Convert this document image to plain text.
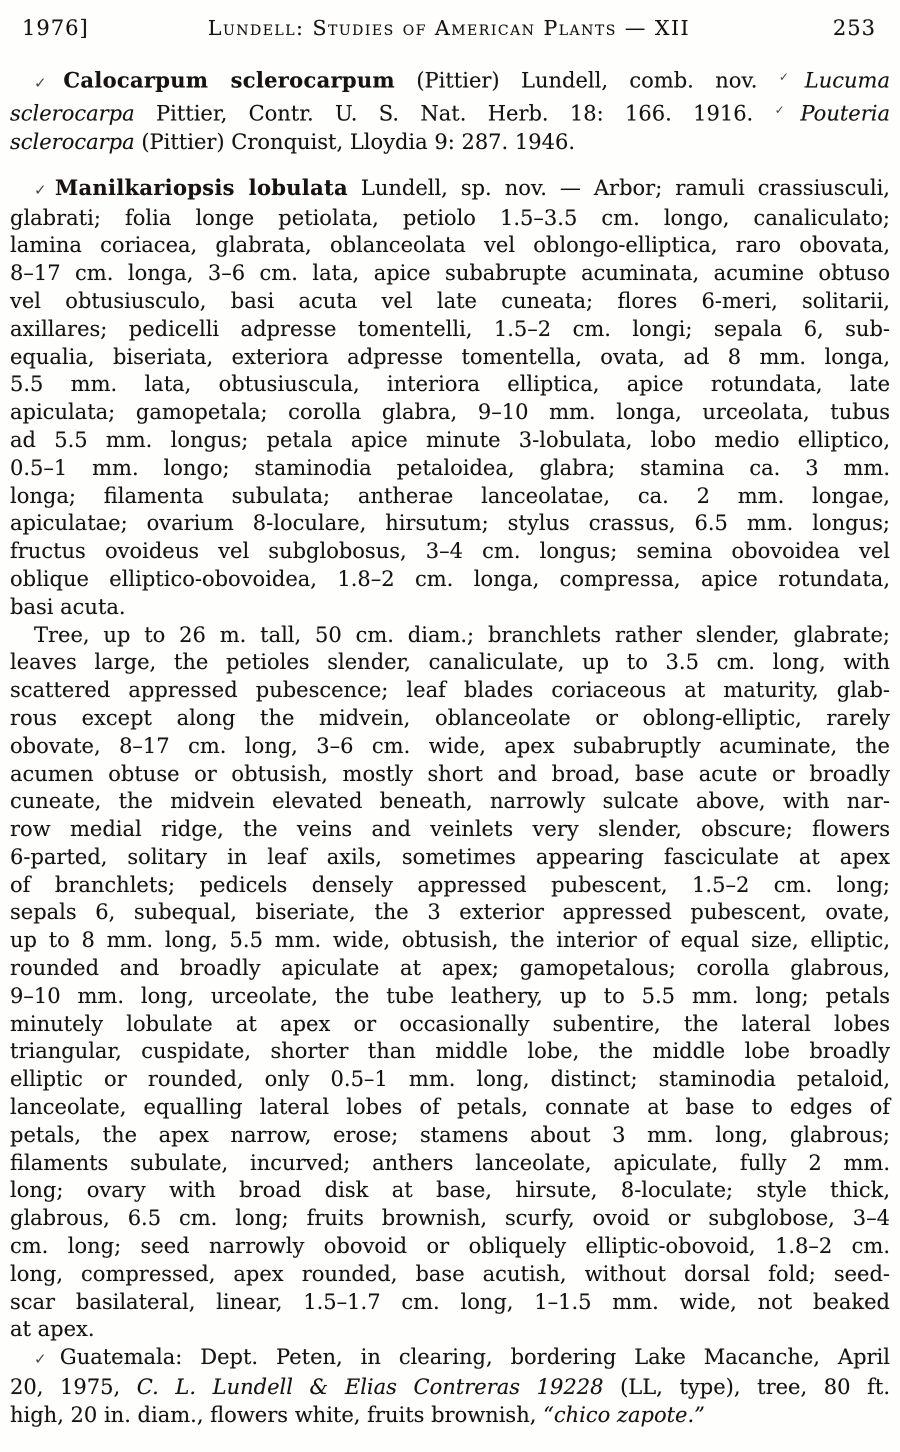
1976]	Lundell: Studies of American Plants — XII	253
✓Calocarpum sclerocarpum (Pittier) Lundell, comb. nov. ✓Lucuma
sclerocarpa Pittier, Contr. U. S. Nat. Herb. 18: 166. 1916. ✓Pouteria
sclerocarpa (Pittier) Cronquist, Lloydia 9: 287. 1946.
✓Manilkariopsis lobulata Lundell, sp. nov. — Arbor; ramuli crassiusculi,
glabrati; folia longe petiolata, petiolo 1.5–3.5 cm. longo, canaliculato;
lamina coriacea, glabrata, oblanceolata vel oblongo-elliptica, raro obovata,
8–17 cm. longa, 3–6 cm. lata, apice subabrupte acuminata, acumine obtuso
vel obtusiusculo, basi acuta vel late cuneata; flores 6-meri, solitarii,
axillares; pedicelli adpresse tomentelli, 1.5–2 cm. longi; sepala 6, sub-
equalia, biseriata, exteriora adpresse tomentella, ovata, ad 8 mm. longa,
5.5 mm. lata, obtusiuscula, interiora elliptica, apice rotundata, late
apiculata; gamopetala; corolla glabra, 9–10 mm. longa, urceolata, tubus
ad 5.5 mm. longus; petala apice minute 3-lobulata, lobo medio elliptico,
0.5–1 mm. longo; staminodia petaloidea, glabra; stamina ca. 3 mm.
longa; filamenta subulata; antherae lanceolatae, ca. 2 mm. longae,
apiculatae; ovarium 8-loculare, hirsutum; stylus crassus, 6.5 mm. longus;
fructus ovoideus vel subglobosus, 3–4 cm. longus; semina obovoidea vel
oblique elliptico-obovoidea, 1.8–2 cm. longa, compressa, apice rotundata,
basi acuta.
Tree, up to 26 m. tall, 50 cm. diam.; branchlets rather slender, glabrate;
leaves large, the petioles slender, canaliculate, up to 3.5 cm. long, with
scattered appressed pubescence; leaf blades coriaceous at maturity, glab-
rous except along the midvein, oblanceolate or oblong-elliptic, rarely
obovate, 8–17 cm. long, 3–6 cm. wide, apex subabruptly acuminate, the
acumen obtuse or obtusish, mostly short and broad, base acute or broadly
cuneate, the midvein elevated beneath, narrowly sulcate above, with nar-
row medial ridge, the veins and veinlets very slender, obscure; flowers
6-parted, solitary in leaf axils, sometimes appearing fasciculate at apex
of branchlets; pedicels densely appressed pubescent, 1.5–2 cm. long;
sepals 6, subequal, biseriate, the 3 exterior appressed pubescent, ovate,
up to 8 mm. long, 5.5 mm. wide, obtusish, the interior of equal size, elliptic,
rounded and broadly apiculate at apex; gamopetalous; corolla glabrous,
9–10 mm. long, urceolate, the tube leathery, up to 5.5 mm. long; petals
minutely lobulate at apex or occasionally subentire, the lateral lobes
triangular, cuspidate, shorter than middle lobe, the middle lobe broadly
elliptic or rounded, only 0.5–1 mm. long, distinct; staminodia petaloid,
lanceolate, equalling lateral lobes of petals, connate at base to edges of
petals, the apex narrow, erose; stamens about 3 mm. long, glabrous;
filaments subulate, incurved; anthers lanceolate, apiculate, fully 2 mm.
long; ovary with broad disk at base, hirsute, 8-loculate; style thick,
glabrous, 6.5 cm. long; fruits brownish, scurfy, ovoid or subglobose, 3–4
cm. long; seed narrowly obovoid or obliquely elliptic-obovoid, 1.8–2 cm.
long, compressed, apex rounded, base acutish, without dorsal fold; seed-
scar basilateral, linear, 1.5–1.7 cm. long, 1–1.5 mm. wide, not beaked
at apex.
✓Guatemala: Dept. Peten, in clearing, bordering Lake Macanche, April
20, 1975, C. L. Lundell & Elias Contreras 19228 (LL, type), tree, 80 ft.
high, 20 in. diam., flowers white, fruits brownish, “chico zapote.”
